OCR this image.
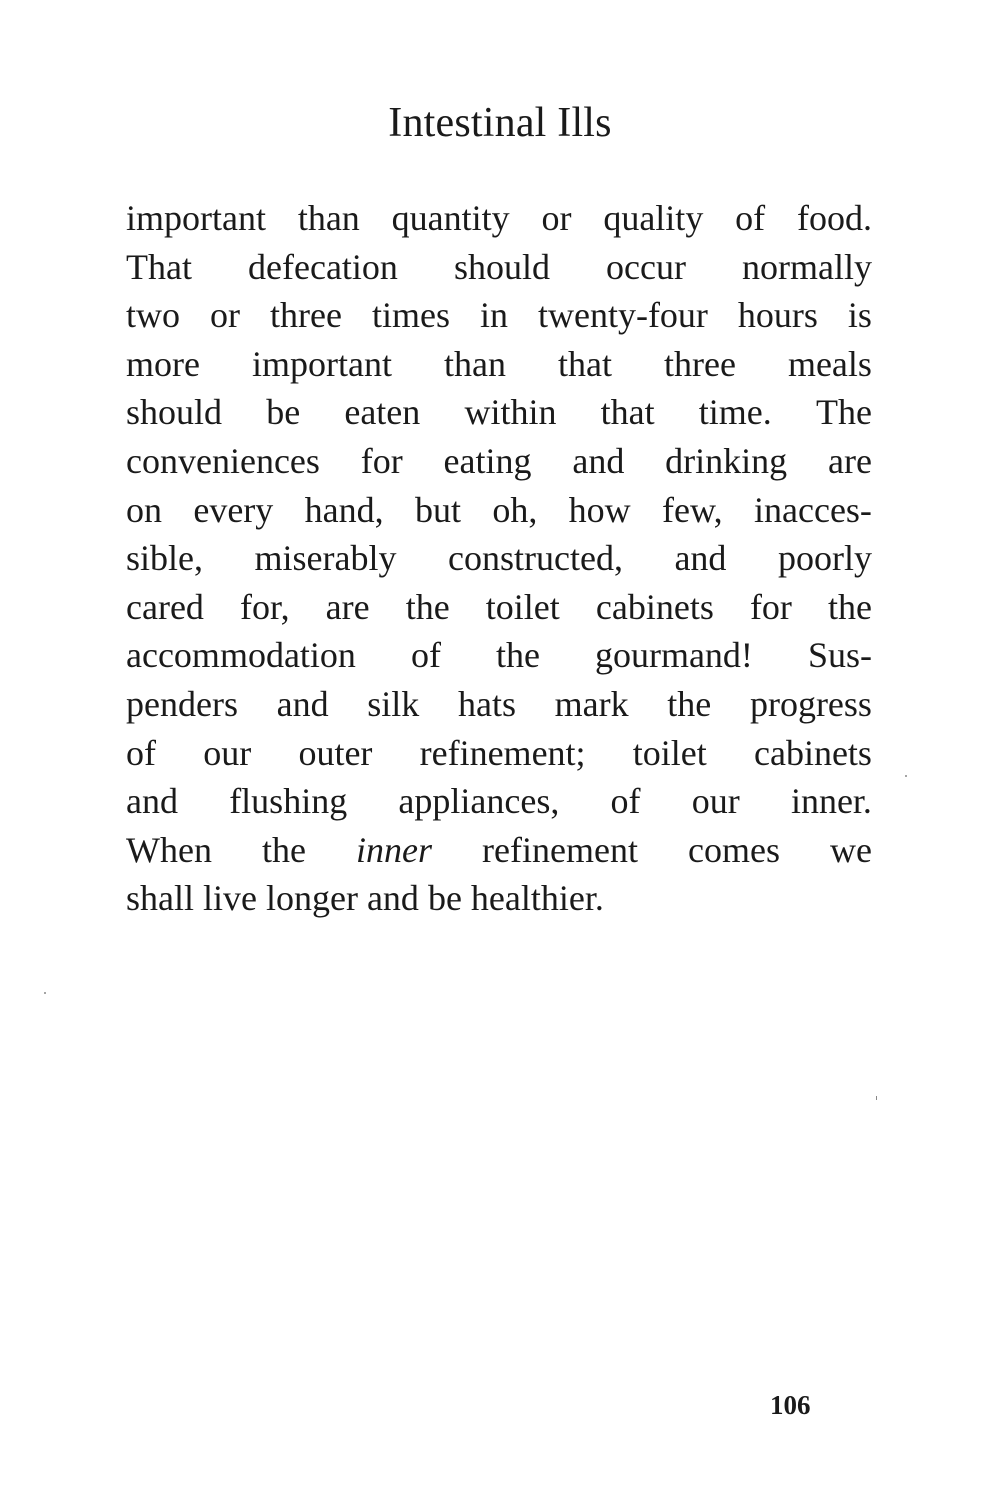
Intestinal Ills
important than quantity or quality of food.
That defecation should occur normally
two or three times in twenty-four hours is
more important than that three meals
should be eaten within that time. The
conveniences for eating and drinking are
on every hand, but oh, how few, inacces-
sible, miserably constructed, and poorly
cared for, are the toilet cabinets for the
accommodation of the gourmand! Sus-
penders and silk hats mark the progress
of our outer refinement; toilet cabinets
and flushing appliances, of our inner.
When the inner refinement comes we
shall live longer and be healthier.
106
